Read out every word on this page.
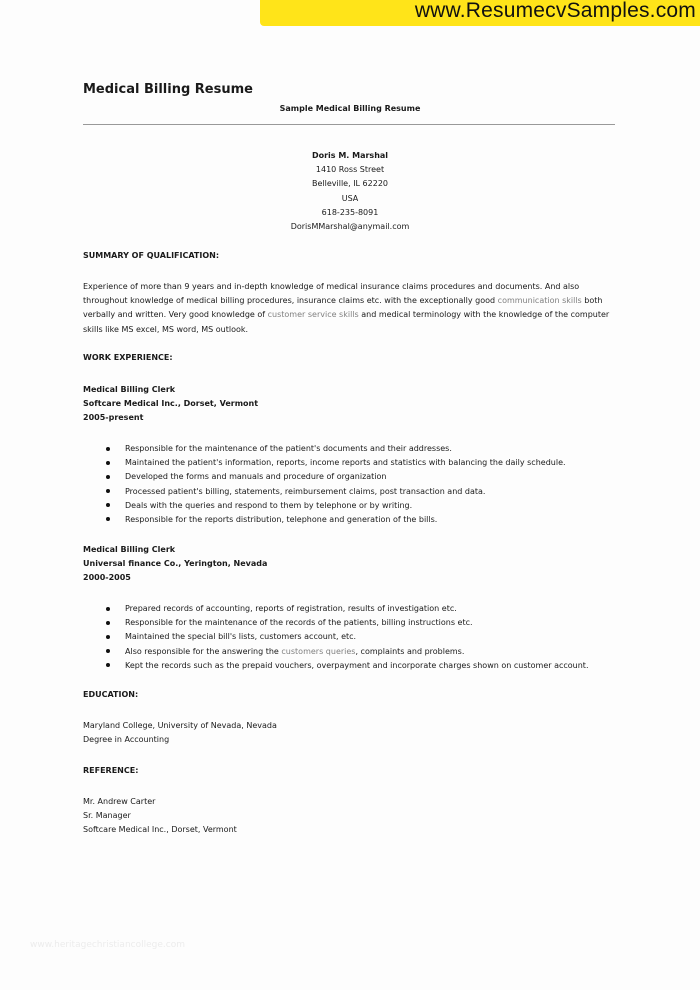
www.ResumecvSamples.com
Medical Billing Resume
Sample Medical Billing Resume
Doris M. Marshal
1410 Ross Street
Belleville, IL 62220
USA
618-235-8091
DorisMMarshal@anymail.com
SUMMARY OF QUALIFICATION:
Experience of more than 9 years and in-depth knowledge of medical insurance claims procedures and documents. And also throughout knowledge of medical billing procedures, insurance claims etc. with the exceptionally good communication skills both verbally and written. Very good knowledge of customer service skills and medical terminology with the knowledge of the computer skills like MS excel, MS word, MS outlook.
WORK EXPERIENCE:
Medical Billing Clerk
Softcare Medical Inc., Dorset, Vermont
2005-present
Responsible for the maintenance of the patient's documents and their addresses.
Maintained the patient's information, reports, income reports and statistics with balancing the daily schedule.
Developed the forms and manuals and procedure of organization
Processed patient's billing, statements, reimbursement claims, post transaction and data.
Deals with the queries and respond to them by telephone or by writing.
Responsible for the reports distribution, telephone and generation of the bills.
Medical Billing Clerk
Universal finance Co., Yerington, Nevada
2000-2005
Prepared records of accounting, reports of registration, results of investigation etc.
Responsible for the maintenance of the records of the patients, billing instructions etc.
Maintained the special bill's lists, customers account, etc.
Also responsible for the answering the customers queries, complaints and problems.
Kept the records such as the prepaid vouchers, overpayment and incorporate charges shown on customer account.
EDUCATION:
Maryland College, University of Nevada, Nevada
Degree in Accounting
REFERENCE:
Mr. Andrew Carter
Sr. Manager
Softcare Medical Inc., Dorset, Vermont
www.heritagechristiancollege.com
